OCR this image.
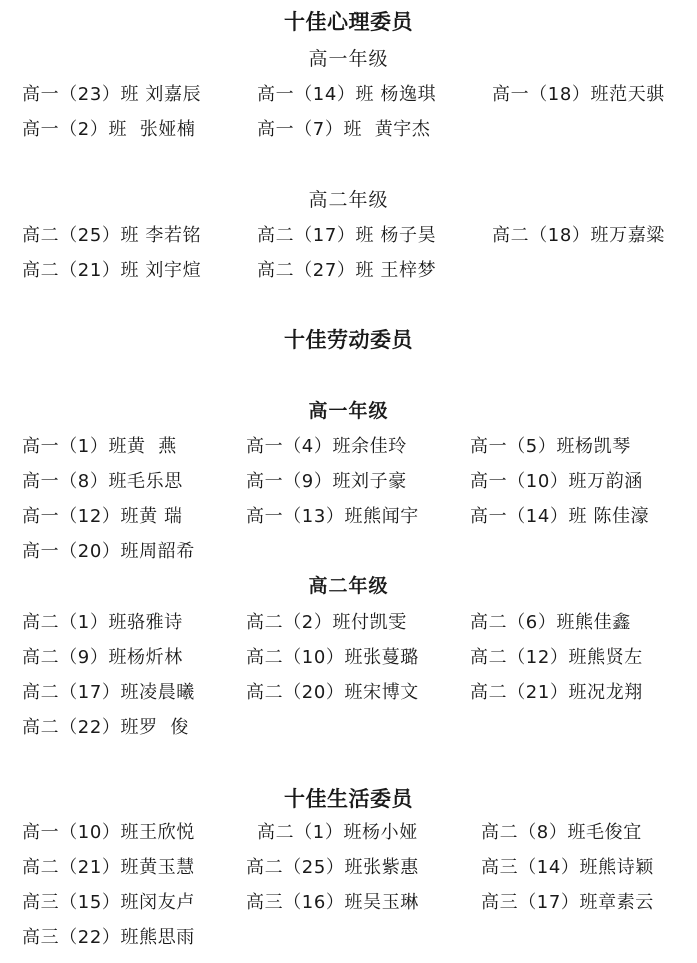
十佳心理委员
高一年级
高一（23）班 刘嘉辰	高一（14）班 杨逸琪	高一（18）班范天骐
高一（2）班  张娅楠	高一（7）班  黄宇杰
高二年级
高二（25）班 李若铭	高二（17）班 杨子昊	高二（18）班万嘉粱
高二（21）班 刘宇煊	高二（27）班 王梓梦
十佳劳动委员
高一年级
高一（1）班黄  燕	高一（4）班余佳玲	高一（5）班杨凯琴
高一（8）班毛乐思	高一（9）班刘子豪	高一（10）班万韵涵
高一（12）班黄 瑞	高一（13）班熊闻宇	高一（14）班 陈佳濠
高一（20）班周韶希
高二年级
高二（1）班骆雅诗	高二（2）班付凯雯	高二（6）班熊佳鑫
高二（9）班杨炘林	高二（10）班张蔓璐	高二（12）班熊贤左
高二（17）班凌晨曦	高二（20）班宋博文	高二（21）班况龙翔
高二（22）班罗  俊
十佳生活委员
高一（10）班王欣悦	高二（1）班杨小娅	高二（8）班毛俊宜
高二（21）班黄玉慧	高二（25）班张紫惠	高三（14）班熊诗颖
高三（15）班闵友卢	高三（16）班吴玉琳	高三（17）班章素云
高三（22）班熊思雨
